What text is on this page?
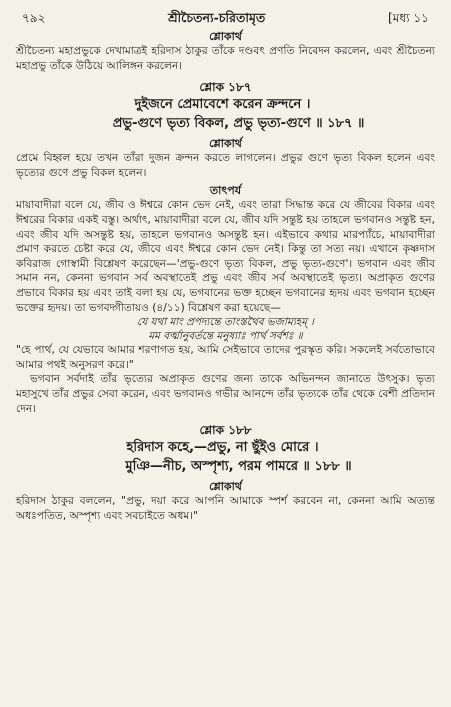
৭৯২	শ্রীচৈতন্য-চরিতামৃত	[মধ্য ১১
শ্লোকার্থ

শ্রীচৈতন্য মহাপ্রভুকে দেখামাত্রই হরিদাস ঠাকুর তাঁকে দণ্ডবৎ প্রণতি নিবেদন করলেন, এবং শ্রীচৈতন্য মহাপ্রভু তাঁকে উঠিয়ে আলিঙ্গন করলেন।

শ্লোক ১৮৭
দুইজনে প্রেমাবেশে করেন ক্রন্দনে ।
প্রভু-গুণে ভৃত্য বিকল, প্রভু ভৃত্য-গুণে ॥ ১৮৭ ॥
শ্লোকার্থ

প্রেমে বিহ্বল হয়ে তখন তাঁরা দুজন ক্রন্দন করতে লাগলেন। প্রভুর গুণে ভৃত্য বিকল হলেন এবং ভৃত্যের গুণে প্রভু বিকল হলেন।

তাৎপর্য

মায়াবাদীরা বলে যে, জীব ও ঈশ্বরে কোন ভেদ নেই, এবং তারা সিদ্ধান্ত করে যে জীবের বিকার এবং ঈশ্বরের বিকার একই বস্তু। অর্থাৎ, মায়াবাদীরা বলে যে, জীব যদি সন্তুষ্ট হয় তাহলে ভগবানও সন্তুষ্ট হন, এবং জীব যদি অসন্তুষ্ট হয়, তাহলে ভগবানও অসন্তুষ্ট হন। এইভাবে কথার মারপ্যাঁচে, মায়াবাদীরা প্রমাণ করতে চেষ্টা করে যে, জীবে এবং ঈশ্বরে কোন ভেদ নেই। কিন্তু তা সত্য নয়। এখানে কৃষ্ণদাস কবিরাজ গোস্বামী বিশ্লেষণ করেছেন—'প্রভু-গুণে ভৃত্য বিকল, প্রভু ভৃত্য-গুণে'। ভগবান এবং জীব সমান নন, কেননা ভগবান সর্ব অবস্থাতেই প্রভু এবং জীব সর্ব অবস্থাতেই ভৃত্য। অপ্রাকৃত গুণের প্রভাবে বিকার হয় এবং তাই বলা হয় যে, ভগবানের ভক্ত হচ্ছেন ভগবানের হৃদয় এবং ভগবান হচ্ছেন ভক্তের হৃদয়। তা ভগবদ্গীতায়ও (৪/১১) বিশ্লেষণ করা হয়েছে—

যে যথা মাং প্রপদ্যন্তে তাংস্তথৈব ভজাম্যহম্ ।
মম বর্ত্মানুবর্তন্তে মনুষ্যাঃ পার্থ সর্বশঃ ॥

"হে পার্থ, যে যেভাবে আমার শরণাগত হয়, আমি সেইভাবে তাদের পুরস্কৃত করি। সকলেই সর্বতোভাবে আমার পথই অনুসরণ করে।"

ভগবান সর্বদাই তাঁর ভৃত্যের অপ্রাকৃত গুণের জন্য তাকে অভিনন্দন জানাতে উৎসুক। ভৃত্য মহাসুখে তাঁর প্রভুর সেবা করেন, এবং ভগবানও গভীর আনন্দে তাঁর ভৃত্যকে তাঁর থেকে বেশী প্রতিদান দেন।

শ্লোক ১৮৮
হরিদাস কহে,—প্রভু, না ছুঁইও মোরে ।
মুঞি—নীচ, অস্পৃশ্য, পরম পামরে ॥ ১৮৮ ॥
শ্লোকার্থ

হরিদাস ঠাকুর বললেন, "প্রভু, দয়া করে আপনি আমাকে স্পর্শ করবেন না, কেননা আমি অত্যন্ত অধঃপতিত, অস্পৃশ্য এবং সবচাইতে অধম।"
